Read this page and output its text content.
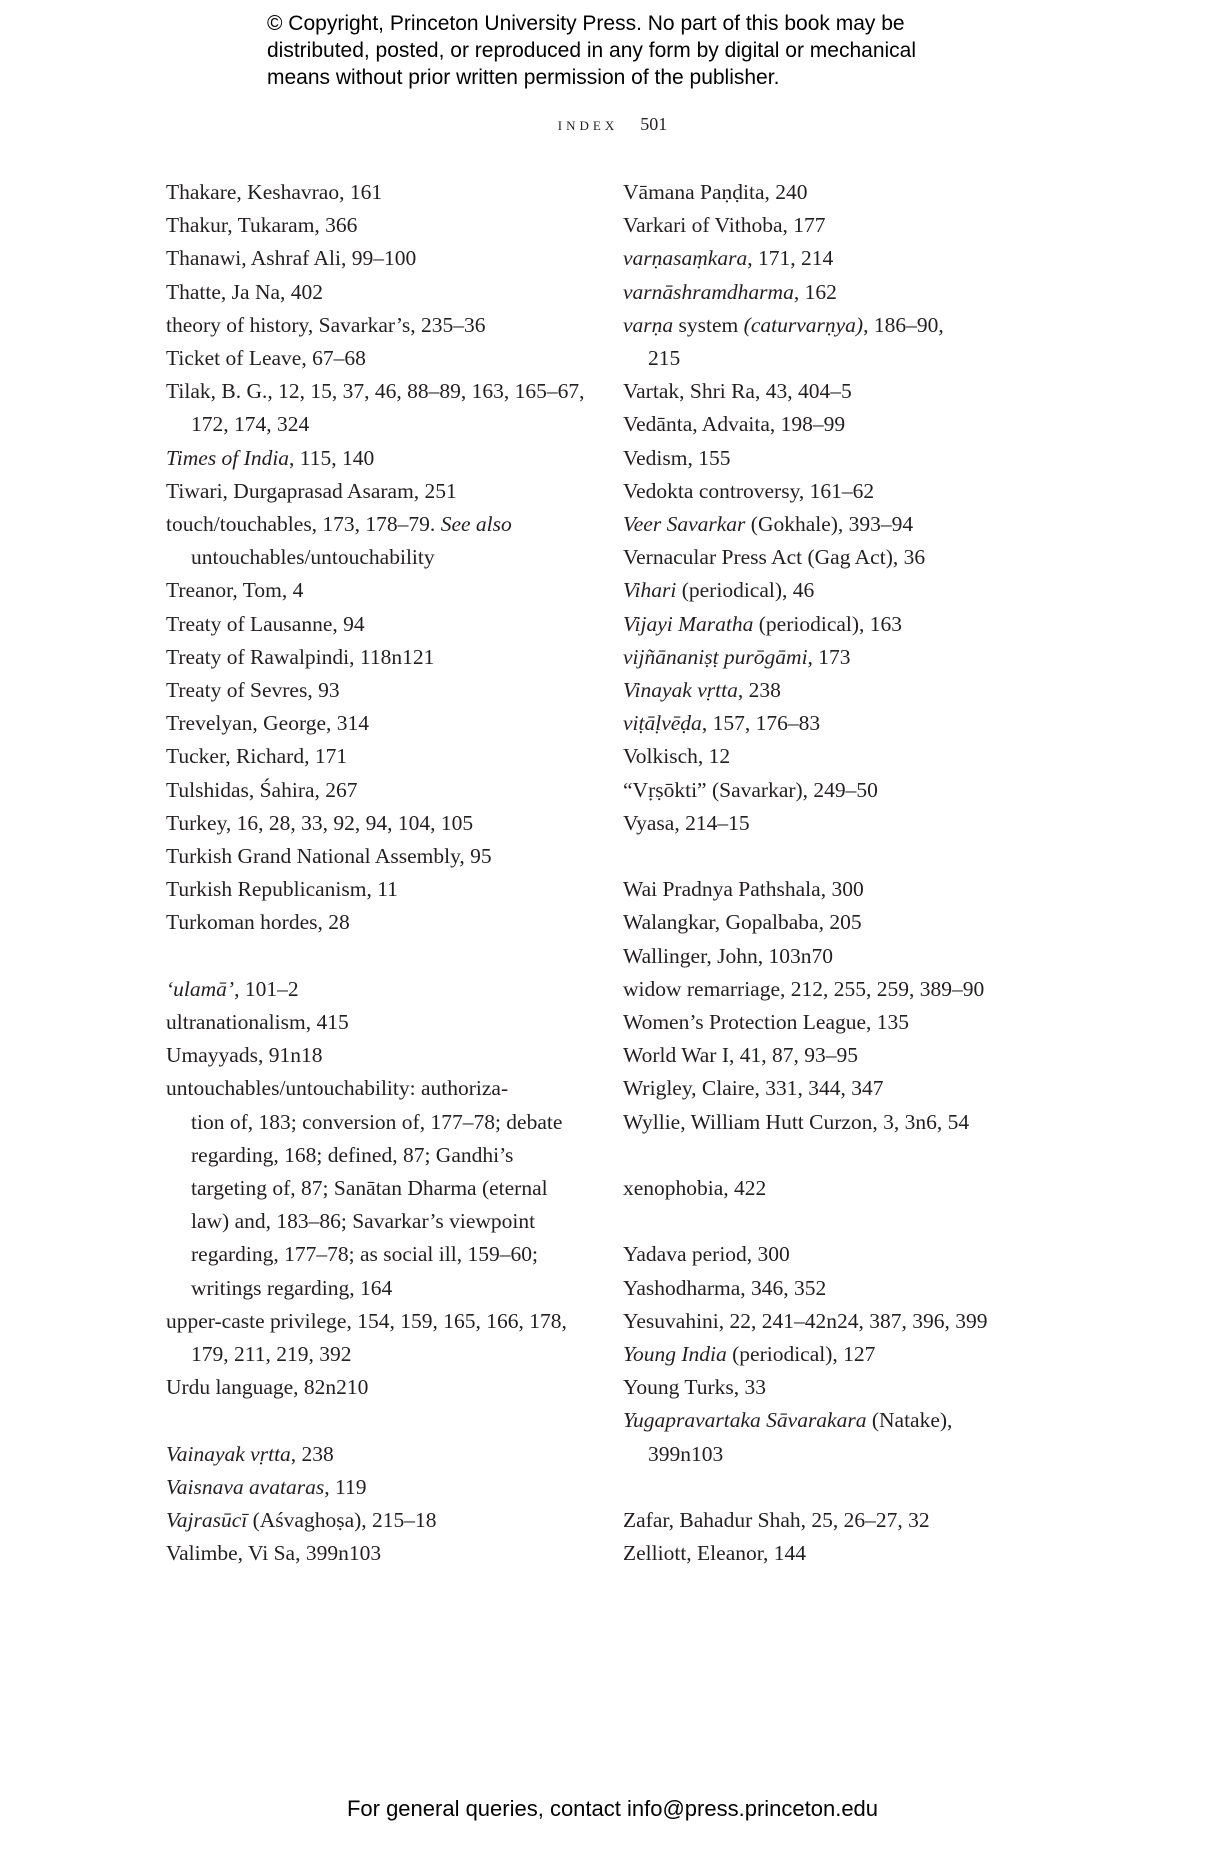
© Copyright, Princeton University Press. No part of this book may be
distributed, posted, or reproduced in any form by digital or mechanical
means without prior written permission of the publisher.
index 501
Thakare, Keshavrao, 161
Thakur, Tukaram, 366
Thanawi, Ashraf Ali, 99–100
Thatte, Ja Na, 402
theory of history, Savarkar’s, 235–36
Ticket of Leave, 67–68
Tilak, B. G., 12, 15, 37, 46, 88–89, 163, 165–67,
172, 174, 324
Times of India, 115, 140
Tiwari, Durgaprasad Asaram, 251
touch/touchables, 173, 178–79. See also
untouchables/untouchability
Treanor, Tom, 4
Treaty of Lausanne, 94
Treaty of Rawalpindi, 118n121
Treaty of Sevres, 93
Trevelyan, George, 314
Tucker, Richard, 171
Tulshidas, Śahira, 267
Turkey, 16, 28, 33, 92, 94, 104, 105
Turkish Grand National Assembly, 95
Turkish Republicanism, 11
Turkoman hordes, 28
‘ulamā’, 101–2
ultranationalism, 415
Umayyads, 91n18
untouchables/untouchability: authoriza-
tion of, 183; conversion of, 177–78; debate
regarding, 168; defined, 87; Gandhi’s
targeting of, 87; Sanātan Dharma (eternal
law) and, 183–86; Savarkar’s viewpoint
regarding, 177–78; as social ill, 159–60;
writings regarding, 164
upper-caste privilege, 154, 159, 165, 166, 178,
179, 211, 219, 392
Urdu language, 82n210
Vainayak vṛtta, 238
Vaisnava avataras, 119
Vajrasūcī (Aśvaghoṣa), 215–18
Valimbe, Vi Sa, 399n103
Vāmana Paṇḍita, 240
Varkari of Vithoba, 177
varṇasaṃkara, 171, 214
varnāshramdharma, 162
varṇa system (caturvarṇya), 186–90,
215
Vartak, Shri Ra, 43, 404–5
Vedānta, Advaita, 198–99
Vedism, 155
Vedokta controversy, 161–62
Veer Savarkar (Gokhale), 393–94
Vernacular Press Act (Gag Act), 36
Vihari (periodical), 46
Vijayi Maratha (periodical), 163
vijñānaniṣṭ purōgāmi, 173
Vinayak vṛtta, 238
viṭāḷvēḍa, 157, 176–83
Volkisch, 12
“Vṛṣōkti” (Savarkar), 249–50
Vyasa, 214–15
Wai Pradnya Pathshala, 300
Walangkar, Gopalbaba, 205
Wallinger, John, 103n70
widow remarriage, 212, 255, 259, 389–90
Women’s Protection League, 135
World War I, 41, 87, 93–95
Wrigley, Claire, 331, 344, 347
Wyllie, William Hutt Curzon, 3, 3n6, 54
xenophobia, 422
Yadava period, 300
Yashodharma, 346, 352
Yesuvahini, 22, 241–42n24, 387, 396, 399
Young India (periodical), 127
Young Turks, 33
Yugapravartaka Sāvarakara (Natake),
399n103
Zafar, Bahadur Shah, 25, 26–27, 32
Zelliott, Eleanor, 144
For general queries, contact info@press.princeton.edu
